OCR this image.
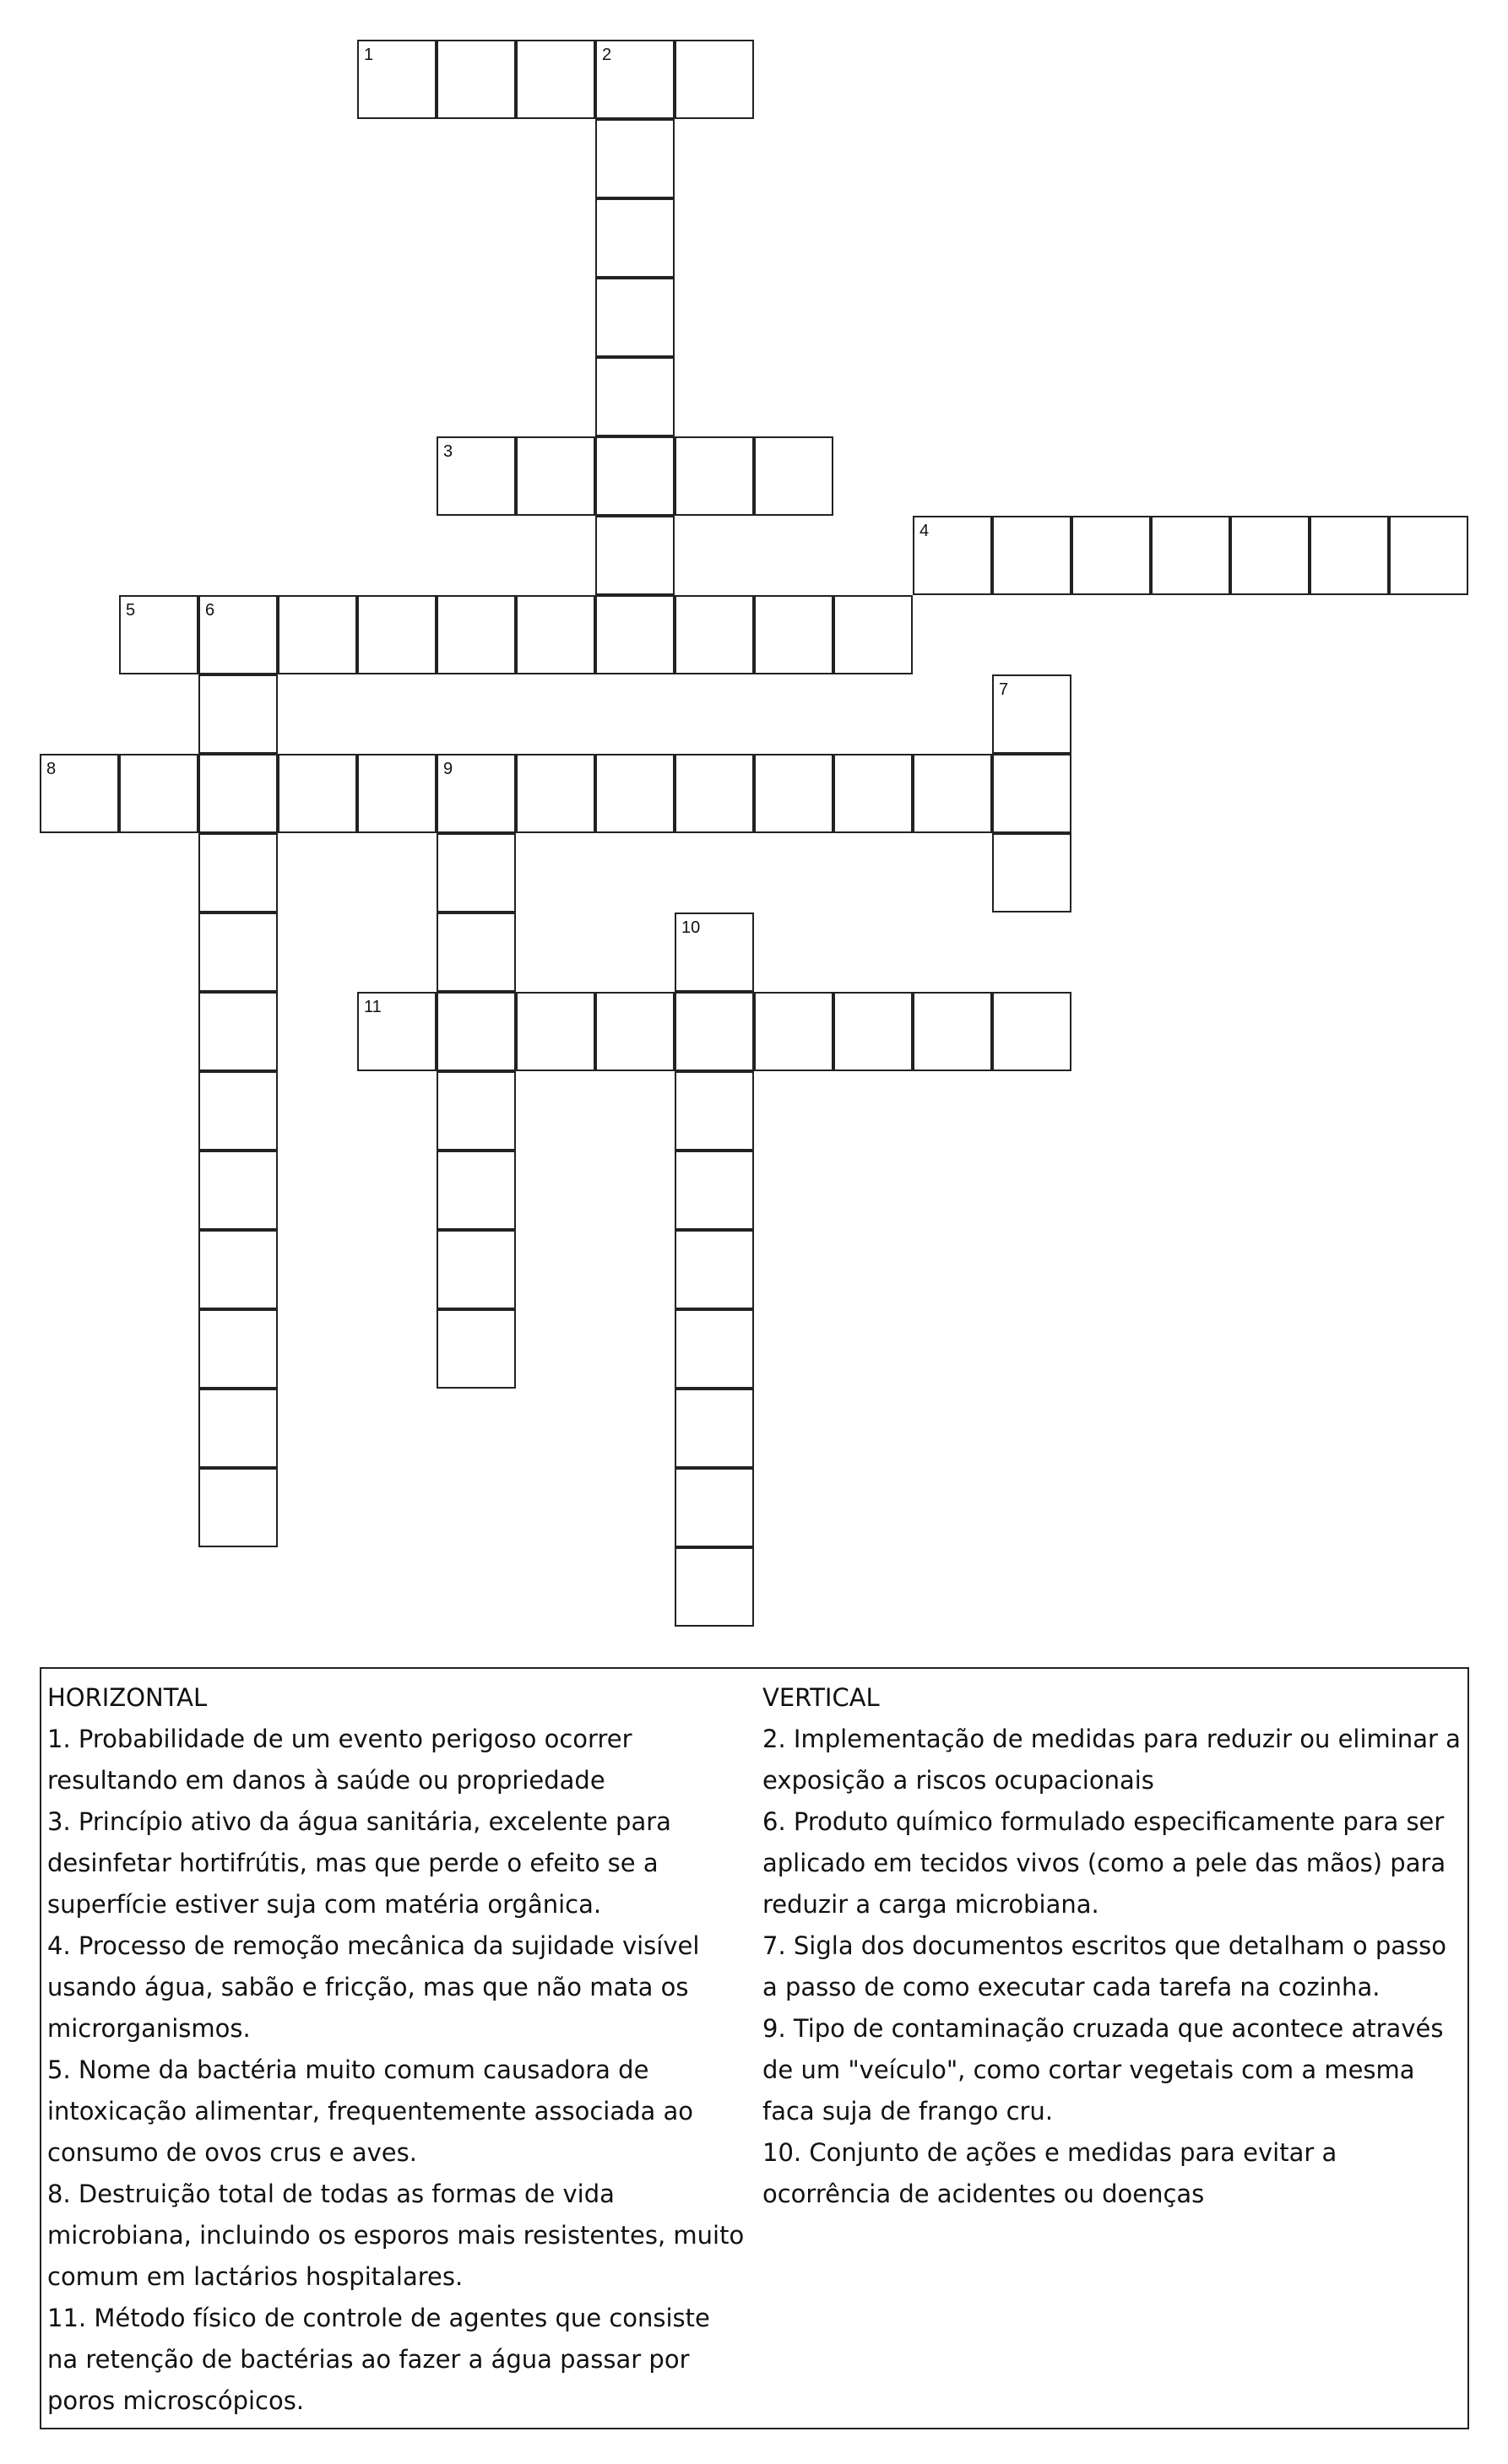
1	2
3
4
5	6
8	9
11
7
10
HORIZONTAL
1. Probabilidade de um evento perigoso ocorrer resultando em danos à saúde ou propriedade
3. Princípio ativo da água sanitária, excelente para desinfetar hortifrútis, mas que perde o efeito se a superfície estiver suja com matéria orgânica.
4. Processo de remoção mecânica da sujidade visível usando água, sabão e fricção, mas que não mata os microrganismos.
5. Nome da bactéria muito comum causadora de intoxicação alimentar, frequentemente associada ao consumo de ovos crus e aves.
8. Destruição total de todas as formas de vida microbiana, incluindo os esporos mais resistentes, muito comum em lactários hospitalares.
11. Método físico de controle de agentes que consiste na retenção de bactérias ao fazer a água passar por poros microscópicos.
VERTICAL
2. Implementação de medidas para reduzir ou eliminar a exposição a riscos ocupacionais
6. Produto químico formulado especificamente para ser aplicado em tecidos vivos (como a pele das mãos) para reduzir a carga microbiana.
7. Sigla dos documentos escritos que detalham o passo a passo de como executar cada tarefa na cozinha.
9. Tipo de contaminação cruzada que acontece através de um "veículo", como cortar vegetais com a mesma faca suja de frango cru.
10. Conjunto de ações e medidas para evitar a ocorrência de acidentes ou doenças
